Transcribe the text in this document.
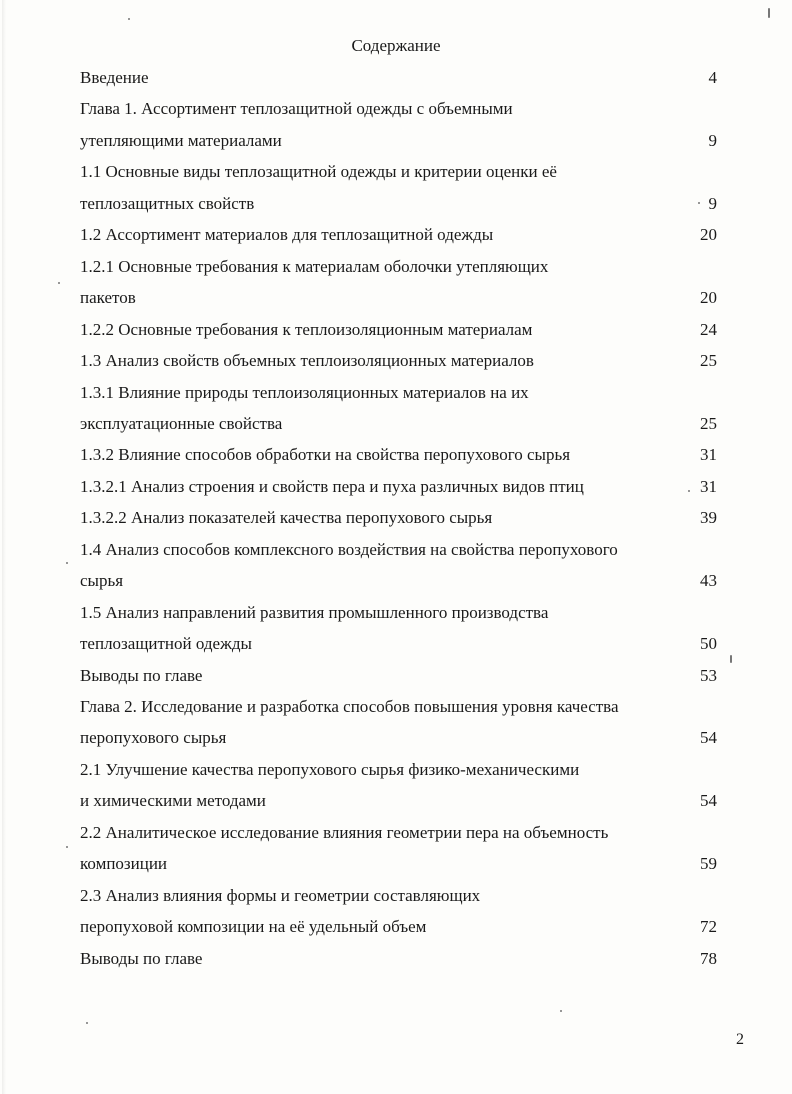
Содержание
Введение	4
Глава 1. Ассортимент теплозащитной одежды с объемными
утепляющими материалами	9
1.1 Основные виды теплозащитной одежды и критерии оценки её
теплозащитных свойств	9
1.2 Ассортимент материалов для теплозащитной одежды	20
1.2.1 Основные требования к материалам оболочки утепляющих
пакетов	20
1.2.2 Основные требования к теплоизоляционным материалам	24
1.3 Анализ свойств объемных теплоизоляционных материалов	25
1.3.1 Влияние природы теплоизоляционных материалов на их
эксплуатационные свойства	25
1.3.2 Влияние способов обработки на свойства перопухового сырья	31
1.3.2.1 Анализ строения и свойств пера и пуха различных видов птиц	31
1.3.2.2 Анализ показателей качества перопухового сырья	39
1.4 Анализ способов комплексного воздействия на свойства перопухового
сырья	43
1.5 Анализ направлений развития промышленного производства
теплозащитной одежды	50
Выводы по главе	53
Глава 2. Исследование и разработка способов повышения уровня качества
перопухового сырья	54
2.1 Улучшение качества перопухового сырья физико-механическими
и химическими методами	54
2.2 Аналитическое исследование влияния геометрии пера на объемность
композиции	59
2.3 Анализ влияния формы и геометрии составляющих
перопуховой композиции на её удельный объем	72
Выводы по главе	78
2
